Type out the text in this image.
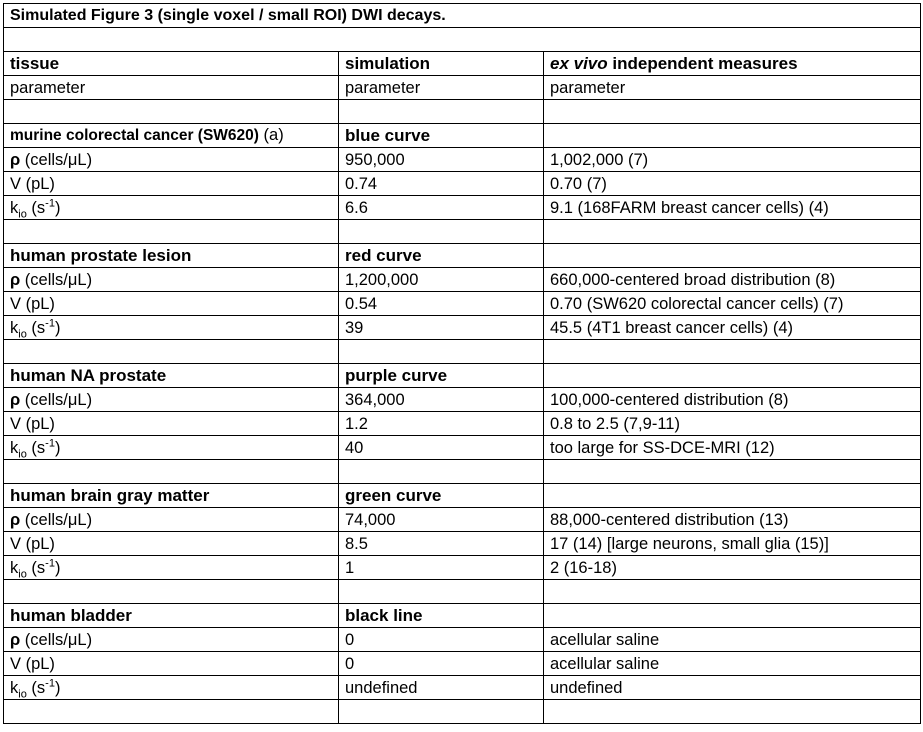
Simulated Figure 3 (single voxel / small ROI) DWI decays.		

tissue	simulation	ex vivo independent measures
parameter	parameter	parameter

murine colorectal cancer (SW620) (a)	blue curve	
ρ (cells/μL)	950,000	1,002,000 (7)
V (pL)	0.74	0.70 (7)
$k_{io}$ $(s^{-1})$	6.6	9.1 (168FARM breast cancer cells) (4)

human prostate lesion	red curve	
ρ (cells/μL)	1,200,000	660,000-centered broad distribution (8)
V (pL)	0.54	0.70 (SW620 colorectal cancer cells) (7)
$k_{io}$ $(s^{-1})$	39	45.5 (4T1 breast cancer cells) (4)

human NA prostate	purple curve	
ρ (cells/μL)	364,000	100,000-centered distribution (8)
V (pL)	1.2	0.8 to 2.5 (7,9-11)
$k_{io}$ $(s^{-1})$	40	too large for SS-DCE-MRI (12)

human brain gray matter	green curve	
ρ (cells/μL)	74,000	88,000-centered distribution (13)
V (pL)	8.5	17 (14) [large neurons, small glia (15)]
$k_{io}$ $(s^{-1})$	1	2 (16-18)

human bladder	black line	
ρ (cells/μL)	0	acellular saline
V (pL)	0	acellular saline
$k_{io}$ $(s^{-1})$	undefined	undefined
